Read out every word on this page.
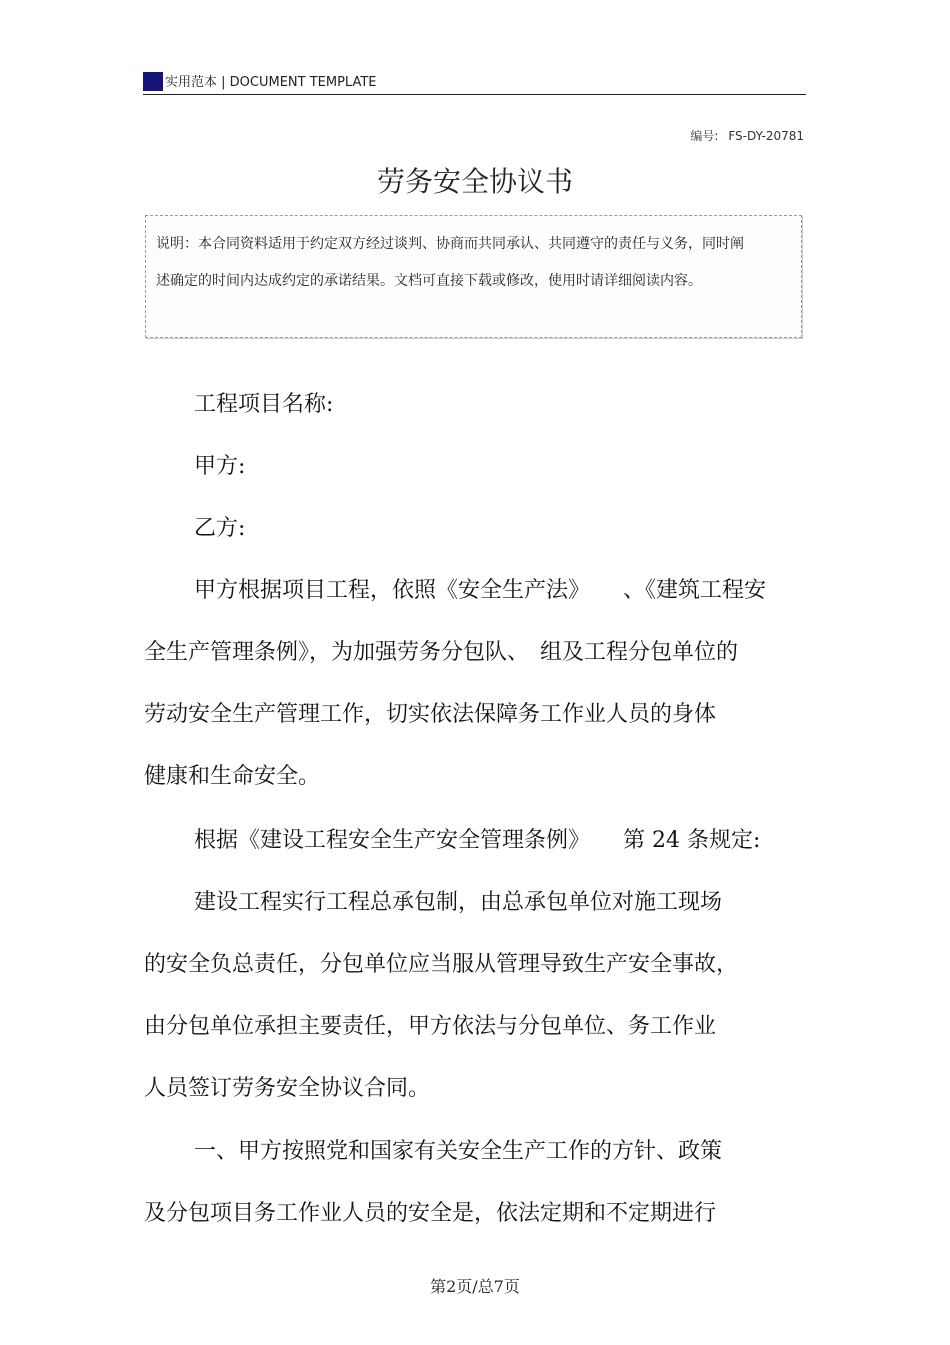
实用范本 | DOCUMENT TEMPLATE
编号: FS-DY-20781
劳务安全协议书

说明：本合同资料适用于约定双方经过谈判、协商而共同承认、共同遵守的责任与义务，同时阐述确定的时间内达成约定的承诺结果。文档可直接下载或修改，使用时请详细阅读内容。

工程项目名称:
甲方:
乙方:
甲方根据项目工程，依照《安全生产法》　　、《建筑工程安
全生产管理条例》，为加强劳务分包队、　组及工程分包单位的
劳动安全生产管理工作，切实依法保障务工作业人员的身体
健康和生命安全。
根据《建设工程安全生产安全管理条例》　　第 24 条规定:
建设工程实行工程总承包制，由总承包单位对施工现场
的安全负总责任，分包单位应当服从管理导致生产安全事故，
由分包单位承担主要责任，甲方依法与分包单位、务工作业
人员签订劳务安全协议合同。
一、甲方按照党和国家有关安全生产工作的方针、政策
及分包项目务工作业人员的安全是，依法定期和不定期进行
第2页/总7页
